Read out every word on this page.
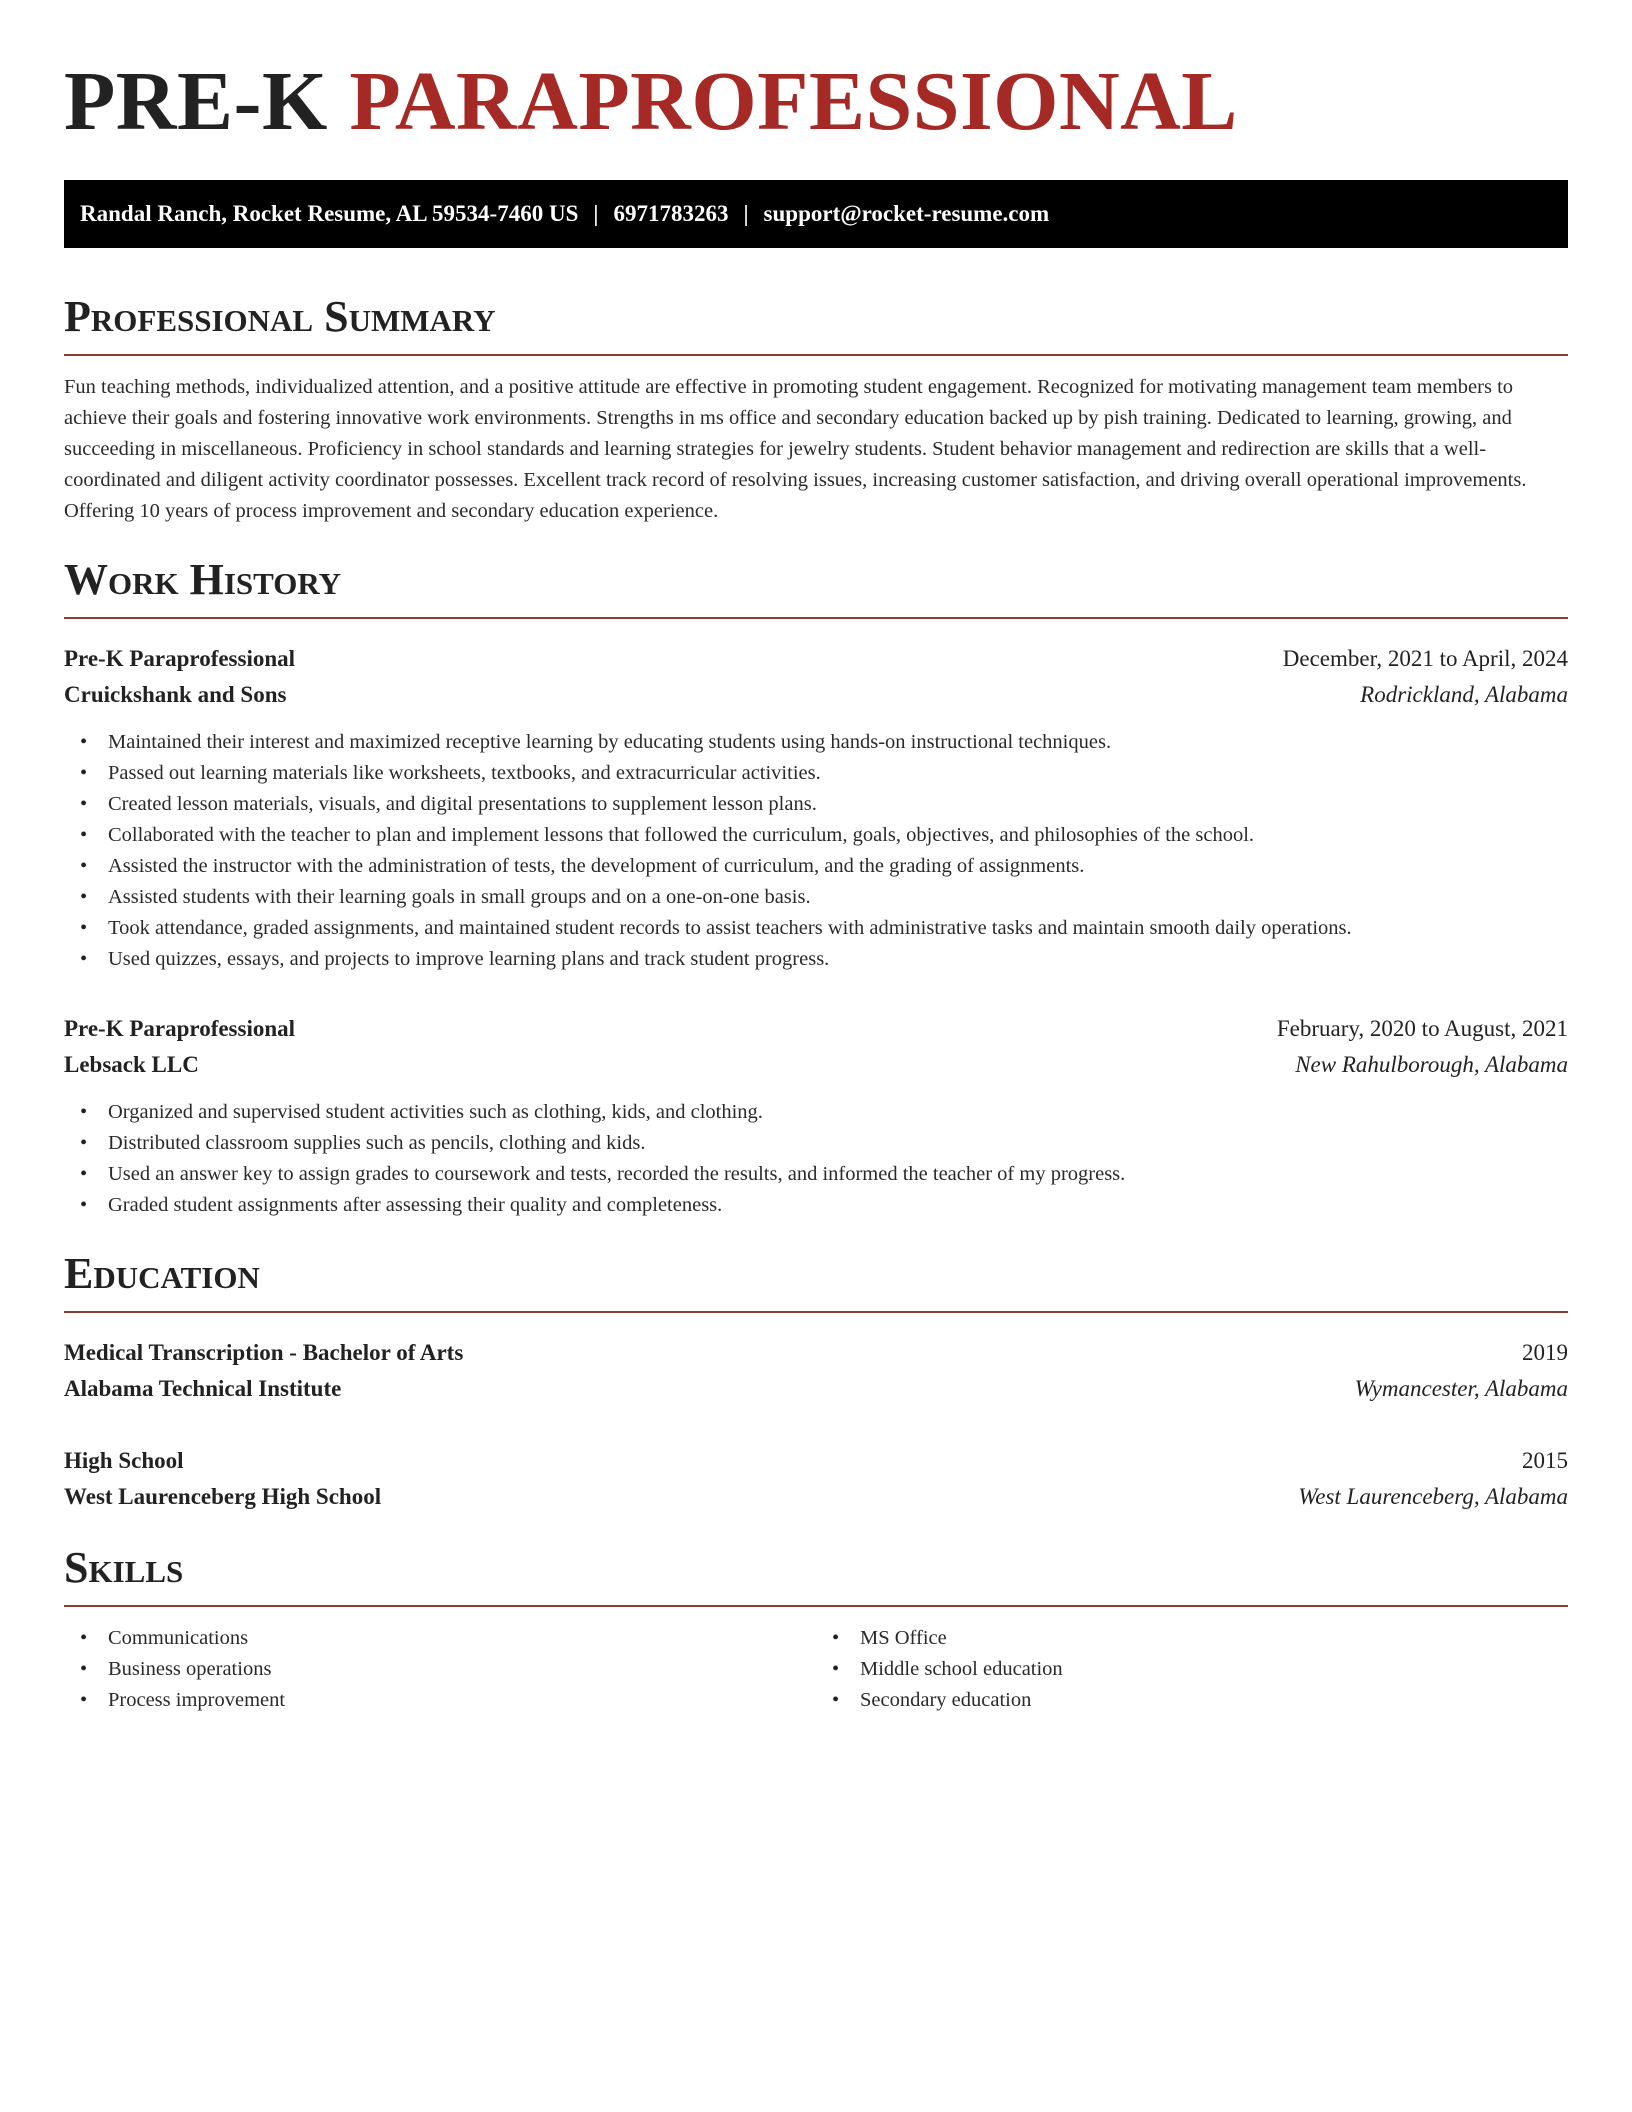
PRE-K PARAPROFESSIONAL
Randal Ranch, Rocket Resume, AL 59534-7460 US | 6971783263 | support@rocket-resume.com
Professional Summary
Fun teaching methods, individualized attention, and a positive attitude are effective in promoting student engagement. Recognized for motivating management team members to achieve their goals and fostering innovative work environments. Strengths in ms office and secondary education backed up by pish training. Dedicated to learning, growing, and succeeding in miscellaneous. Proficiency in school standards and learning strategies for jewelry students. Student behavior management and redirection are skills that a well-coordinated and diligent activity coordinator possesses. Excellent track record of resolving issues, increasing customer satisfaction, and driving overall operational improvements. Offering 10 years of process improvement and secondary education experience.
Work History
Pre-K Paraprofessional	December, 2021 to April, 2024
Cruickshank and Sons	Rodrickland, Alabama
• Maintained their interest and maximized receptive learning by educating students using hands-on instructional techniques.
• Passed out learning materials like worksheets, textbooks, and extracurricular activities.
• Created lesson materials, visuals, and digital presentations to supplement lesson plans.
• Collaborated with the teacher to plan and implement lessons that followed the curriculum, goals, objectives, and philosophies of the school.
• Assisted the instructor with the administration of tests, the development of curriculum, and the grading of assignments.
• Assisted students with their learning goals in small groups and on a one-on-one basis.
• Took attendance, graded assignments, and maintained student records to assist teachers with administrative tasks and maintain smooth daily operations.
• Used quizzes, essays, and projects to improve learning plans and track student progress.
Pre-K Paraprofessional	February, 2020 to August, 2021
Lebsack LLC	New Rahulborough, Alabama
• Organized and supervised student activities such as clothing, kids, and clothing.
• Distributed classroom supplies such as pencils, clothing and kids.
• Used an answer key to assign grades to coursework and tests, recorded the results, and informed the teacher of my progress.
• Graded student assignments after assessing their quality and completeness.
Education
Medical Transcription - Bachelor of Arts	2019
Alabama Technical Institute	Wymancester, Alabama
High School	2015
West Laurenceberg High School	West Laurenceberg, Alabama
Skills
• Communications
• Business operations
• Process improvement
• MS Office
• Middle school education
• Secondary education
